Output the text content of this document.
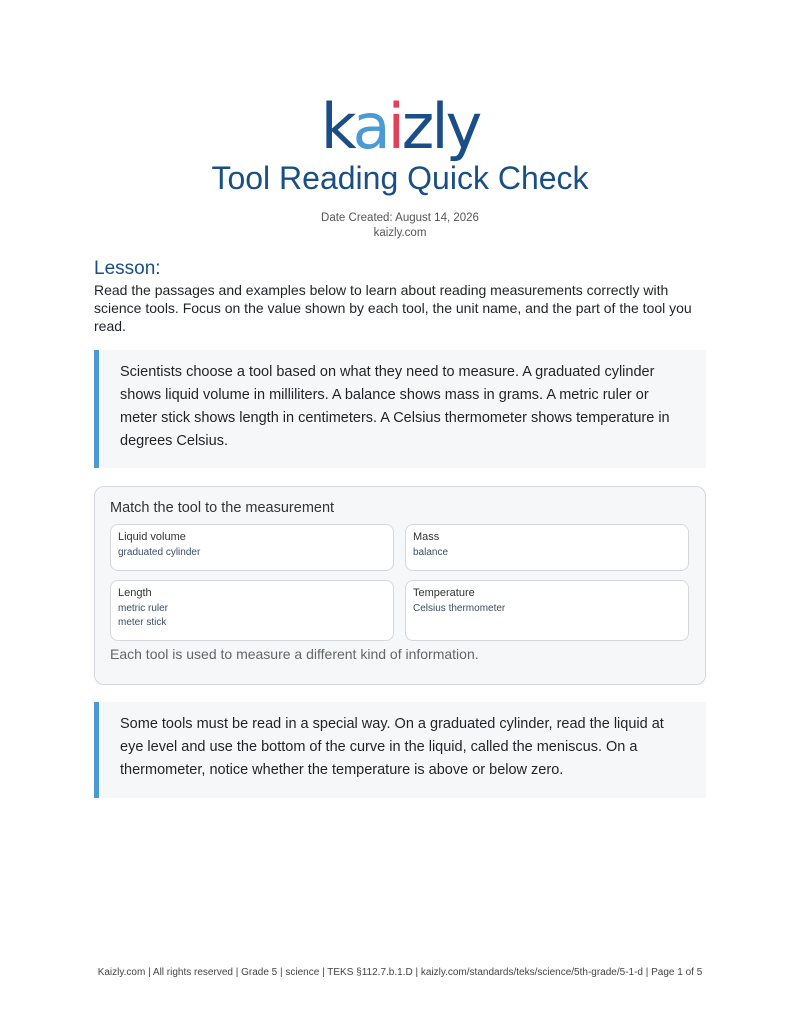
kaizly
Tool Reading Quick Check
Date Created: August 14, 2026
kaizly.com
Lesson:

Read the passages and examples below to learn about reading measurements correctly with science tools. Focus on the value shown by each tool, the unit name, and the part of the tool you read.

Scientists choose a tool based on what they need to measure. A graduated cylinder shows liquid volume in milliliters. A balance shows mass in grams. A metric ruler or meter stick shows length in centimeters. A Celsius thermometer shows temperature in degrees Celsius.
Match the tool to the measurement
Liquid volume
graduated cylinder
Mass
balance
Length
metric ruler
meter stick
Temperature
Celsius thermometer
Each tool is used to measure a different kind of information.
Some tools must be read in a special way. On a graduated cylinder, read the liquid at eye level and use the bottom of the curve in the liquid, called the meniscus. On a thermometer, notice whether the temperature is above or below zero.
Kaizly.com | All rights reserved | Grade 5 | science | TEKS §112.7.b.1.D | kaizly.com/standards/teks/science/5th-grade/5-1-d | Page 1 of 5
